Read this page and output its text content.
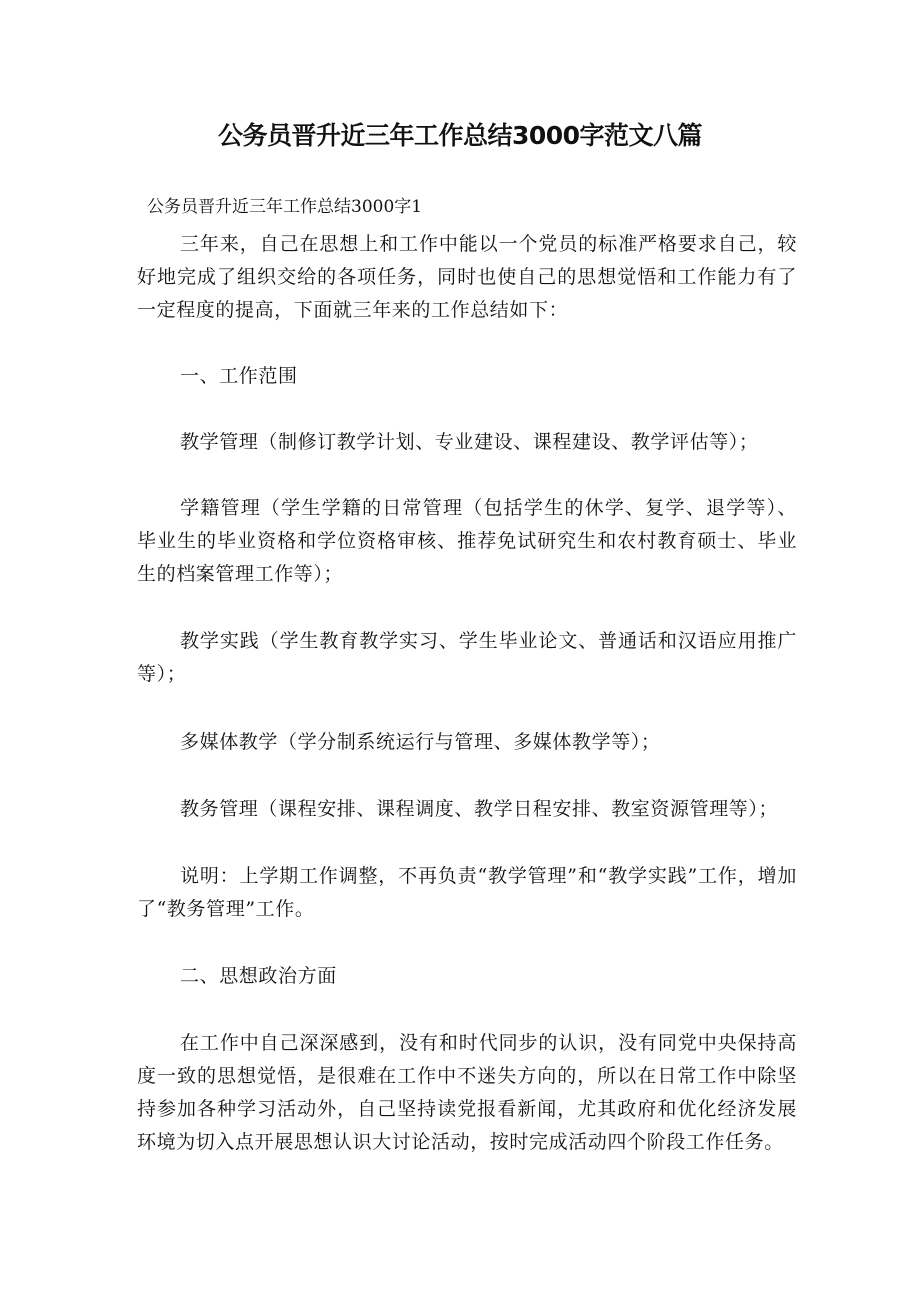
公务员晋升近三年工作总结3000字范文八篇

公务员晋升近三年工作总结3000字1

三年来，自己在思想上和工作中能以一个党员的标准严格要求自己，较好地完成了组织交给的各项任务，同时也使自己的思想觉悟和工作能力有了一定程度的提高，下面就三年来的工作总结如下：

一、工作范围

教学管理（制修订教学计划、专业建设、课程建设、教学评估等）；

学籍管理（学生学籍的日常管理（包括学生的休学、复学、退学等）、毕业生的毕业资格和学位资格审核、推荐免试研究生和农村教育硕士、毕业生的档案管理工作等）；

教学实践（学生教育教学实习、学生毕业论文、普通话和汉语应用推广等）；

多媒体教学（学分制系统运行与管理、多媒体教学等）；

教务管理（课程安排、课程调度、教学日程安排、教室资源管理等）；

说明：上学期工作调整，不再负责“教学管理”和“教学实践”工作，增加了“教务管理”工作。

二、思想政治方面

在工作中自己深深感到，没有和时代同步的认识，没有同党中央保持高度一致的思想觉悟，是很难在工作中不迷失方向的，所以在日常工作中除坚持参加各种学习活动外，自己坚持读党报看新闻，尤其政府和优化经济发展环境为切入点开展思想认识大讨论活动，按时完成活动四个阶段工作任务。
